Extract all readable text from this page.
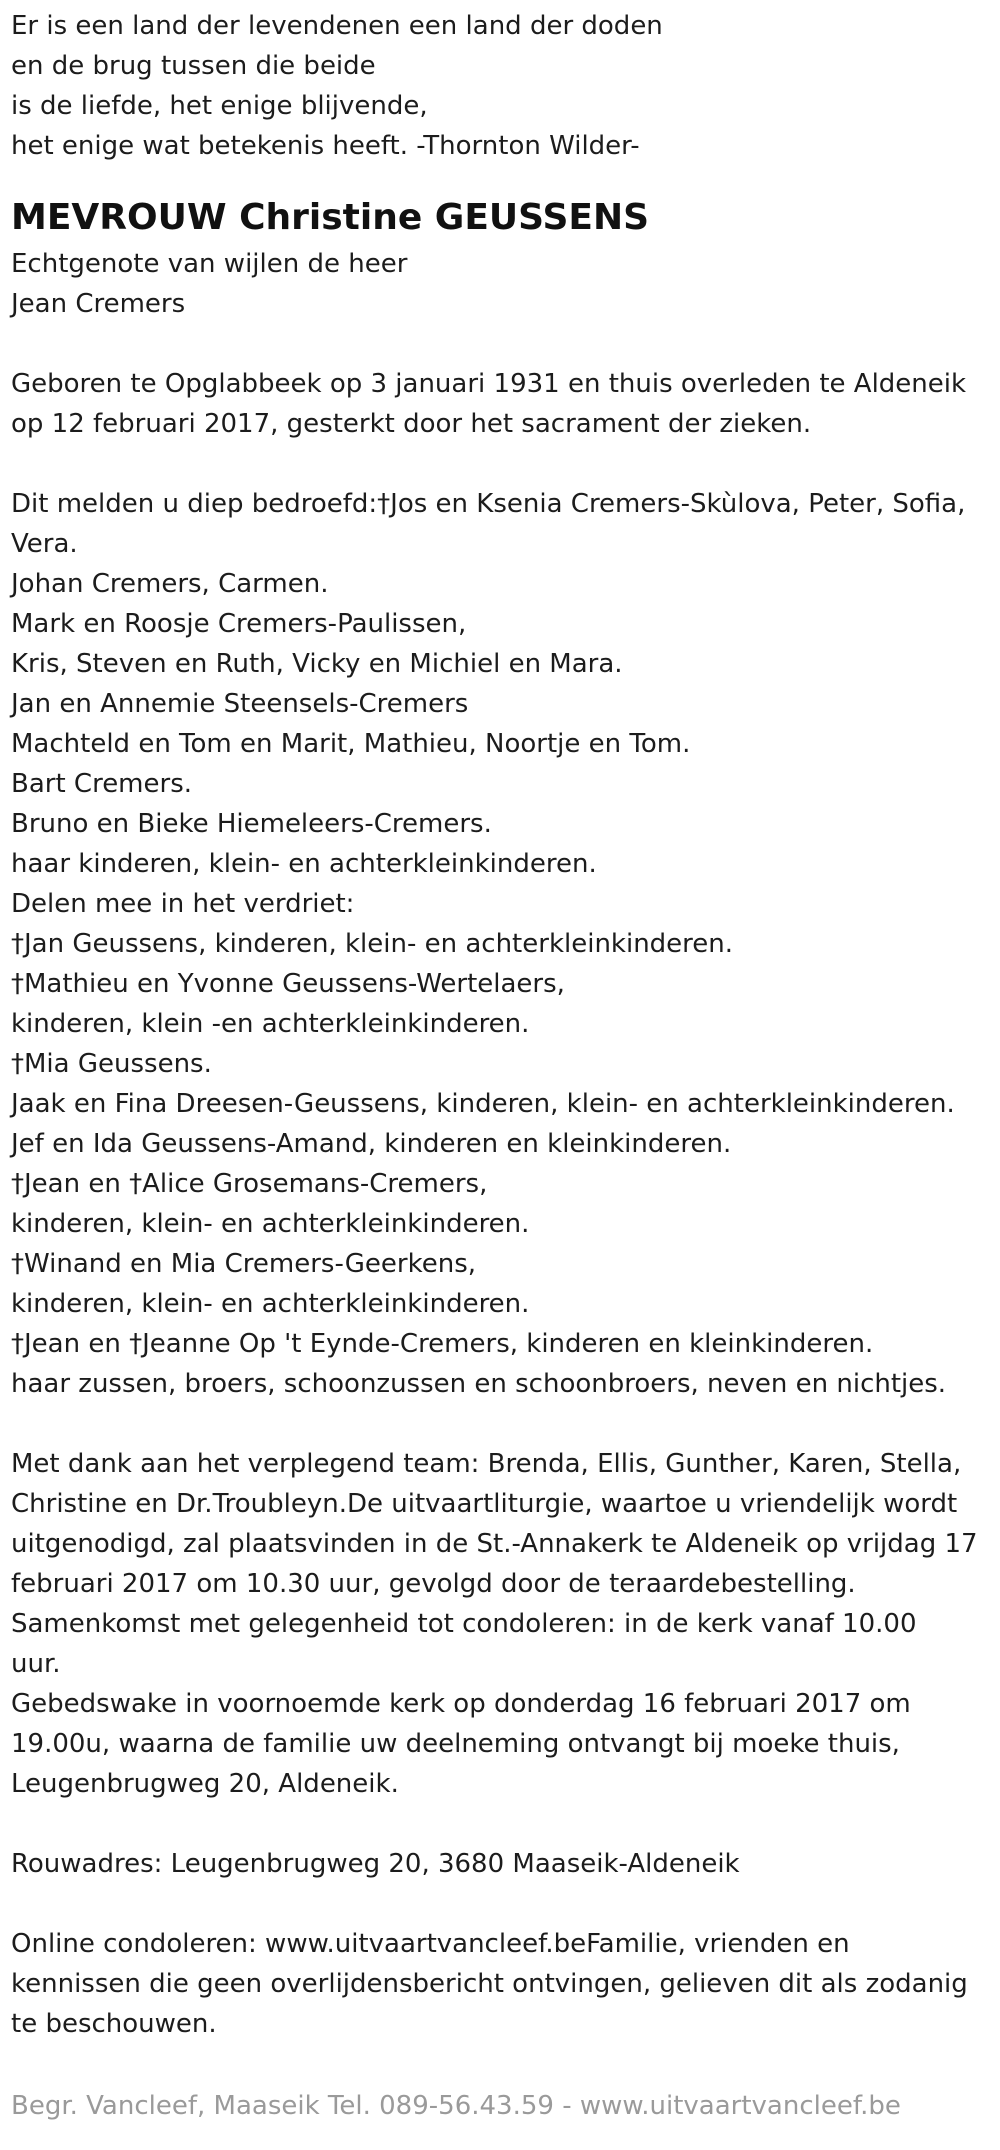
Er is een land der levendenen een land der doden
en de brug tussen die beide
is de liefde, het enige blijvende,
het enige wat betekenis heeft. -Thornton Wilder-
MEVROUW Christine GEUSSENS
Echtgenote van wijlen de heer
Jean Cremers
Geboren te Opglabbeek op 3 januari 1931 en thuis overleden te Aldeneik
op 12 februari 2017, gesterkt door het sacrament der zieken.
Dit melden u diep bedroefd:†Jos en Ksenia Cremers-Skùlova, Peter, Sofia,
Vera.
Johan Cremers, Carmen.
Mark en Roosje Cremers-Paulissen,
Kris, Steven en Ruth, Vicky en Michiel en Mara.
Jan en Annemie Steensels-Cremers
Machteld en Tom en Marit, Mathieu, Noortje en Tom.
Bart Cremers.
Bruno en Bieke Hiemeleers-Cremers.
haar kinderen, klein- en achterkleinkinderen.
Delen mee in het verdriet:
†Jan Geussens, kinderen, klein- en achterkleinkinderen.
†Mathieu en Yvonne Geussens-Wertelaers,
kinderen, klein -en achterkleinkinderen.
†Mia Geussens.
Jaak en Fina Dreesen-Geussens, kinderen, klein- en achterkleinkinderen.
Jef en Ida Geussens-Amand, kinderen en kleinkinderen.
†Jean en †Alice Grosemans-Cremers,
kinderen, klein- en achterkleinkinderen.
†Winand en Mia Cremers-Geerkens,
kinderen, klein- en achterkleinkinderen.
†Jean en †Jeanne Op 't Eynde-Cremers, kinderen en kleinkinderen.
haar zussen, broers, schoonzussen en schoonbroers, neven en nichtjes.
Met dank aan het verplegend team: Brenda, Ellis, Gunther, Karen, Stella,
Christine en Dr.Troubleyn.De uitvaartliturgie, waartoe u vriendelijk wordt
uitgenodigd, zal plaatsvinden in de St.-Annakerk te Aldeneik op vrijdag 17
februari 2017 om 10.30 uur, gevolgd door de teraardebestelling.
Samenkomst met gelegenheid tot condoleren: in de kerk vanaf 10.00
uur.
Gebedswake in voornoemde kerk op donderdag 16 februari 2017 om
19.00u, waarna de familie uw deelneming ontvangt bij moeke thuis,
Leugenbrugweg 20, Aldeneik.
Rouwadres: Leugenbrugweg 20, 3680 Maaseik-Aldeneik
Online condoleren: www.uitvaartvancleef.beFamilie, vrienden en
kennissen die geen overlijdensbericht ontvingen, gelieven dit als zodanig
te beschouwen.
Begr. Vancleef, Maaseik Tel. 089-56.43.59 - www.uitvaartvancleef.be
